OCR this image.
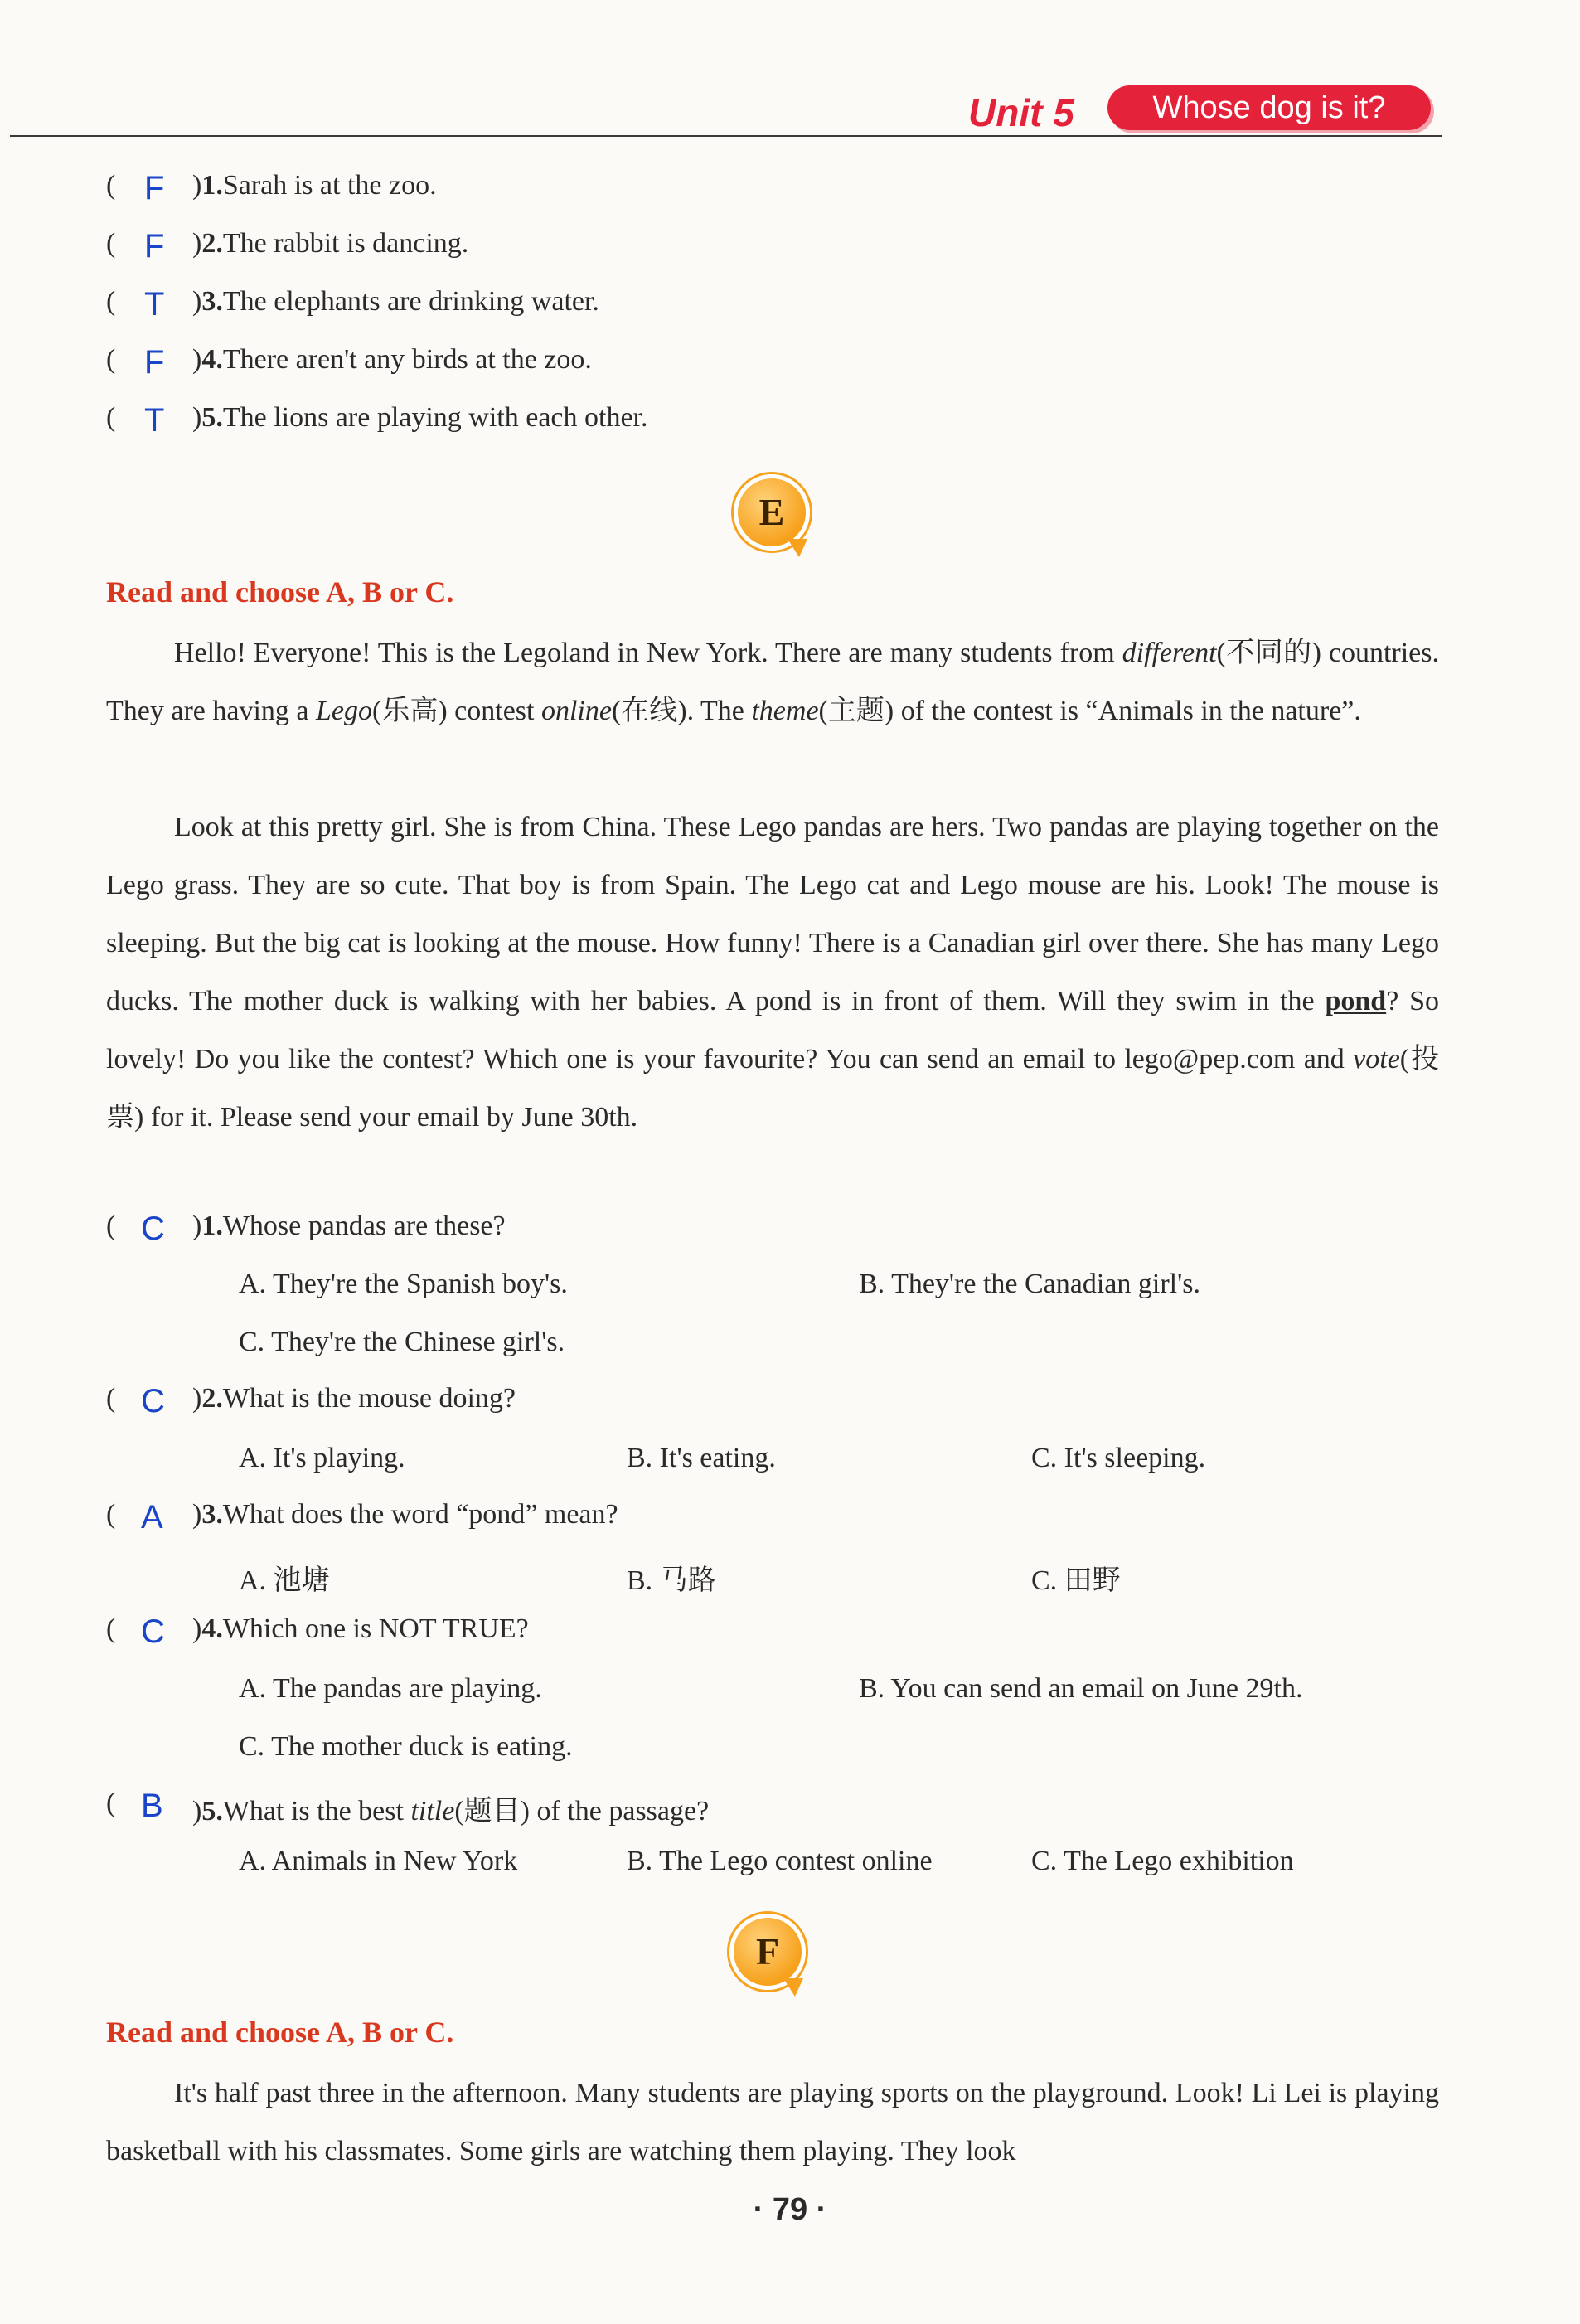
Unit 5	Whose dog is it?
( F )1.Sarah is at the zoo.
( F )2.The rabbit is dancing.
( T )3.The elephants are drinking water.
( F )4.There aren't any birds at the zoo.
( T )5.The lions are playing with each other.
E
Read and choose A, B or C.
Hello! Everyone! This is the Legoland in New York. There are many students from different(不同的) countries. They are having a Lego(乐高) contest online(在线). The theme(主题) of the contest is “Animals in the nature”.
Look at this pretty girl. She is from China. These Lego pandas are hers. Two pandas are playing together on the Lego grass. They are so cute. That boy is from Spain. The Lego cat and Lego mouse are his. Look! The mouse is sleeping. But the big cat is looking at the mouse. How funny! There is a Canadian girl over there. She has many Lego ducks. The mother duck is walking with her babies. A pond is in front of them. Will they swim in the pond? So lovely! Do you like the contest? Which one is your favourite? You can send an email to lego@pep.com and vote(投票) for it. Please send your email by June 30th.
( C )1.Whose pandas are these?
A. They're the Spanish boy's.	B. They're the Canadian girl's.
C. They're the Chinese girl's.
( C )2.What is the mouse doing?
A. It's playing.	B. It's eating.	C. It's sleeping.
( A )3.What does the word “pond” mean?
A. 池塘	B. 马路	C. 田野
( C )4.Which one is NOT TRUE?
A. The pandas are playing.	B. You can send an email on June 29th.
C. The mother duck is eating.
( B )5.What is the best title(题目) of the passage?
A. Animals in New York	B. The Lego contest online	C. The Lego exhibition
F
Read and choose A, B or C.
It's half past three in the afternoon. Many students are playing sports on the playground. Look! Li Lei is playing basketball with his classmates. Some girls are watching them playing. They look
· 79 ·
